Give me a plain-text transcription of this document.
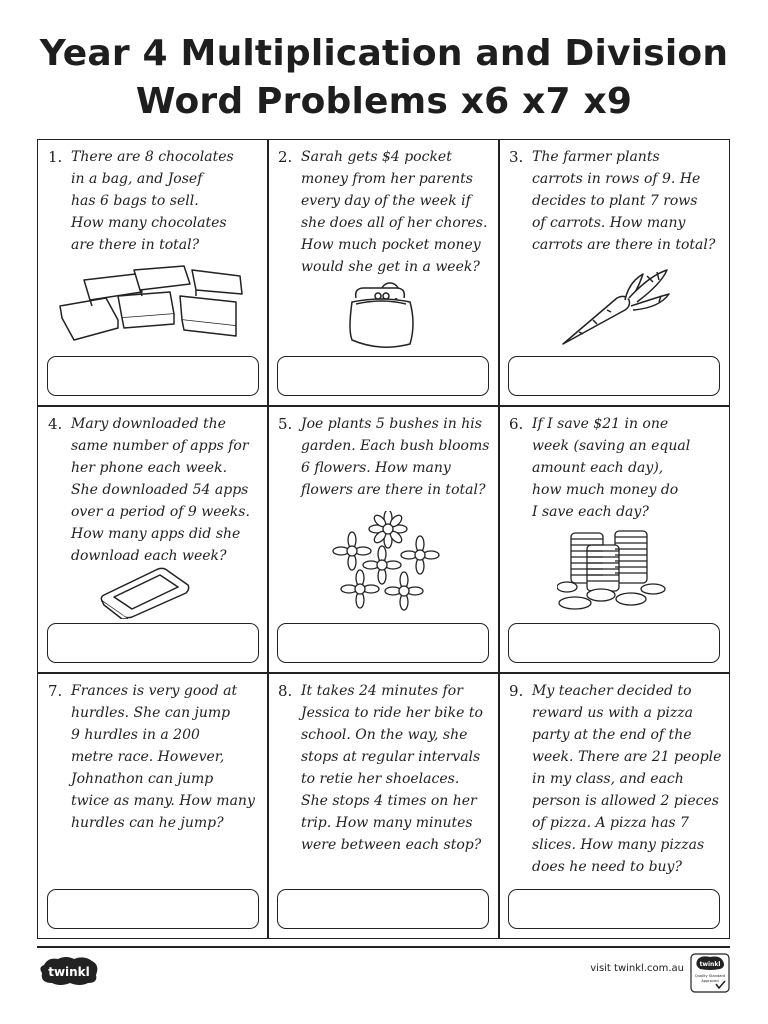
Year 4 Multiplication and Division
Word Problems x6 x7 x9
1. There are 8 chocolates
in a bag, and Josef
has 6 bags to sell.
How many chocolates
are there in total?
2. Sarah gets $4 pocket
money from her parents
every day of the week if
she does all of her chores.
How much pocket money
would she get in a week?
3. The farmer plants
carrots in rows of 9. He
decides to plant 7 rows
of carrots. How many
carrots are there in total?
4. Mary downloaded the
same number of apps for
her phone each week.
She downloaded 54 apps
over a period of 9 weeks.
How many apps did she
download each week?
5. Joe plants 5 bushes in his
garden. Each bush blooms
6 flowers. How many
flowers are there in total?
6. If I save $21 in one
week (saving an equal
amount each day),
how much money do
I save each day?
7. Frances is very good at
hurdles. She can jump
9 hurdles in a 200
metre race. However,
Johnathon can jump
twice as many. How many
hurdles can he jump?
8. It takes 24 minutes for
Jessica to ride her bike to
school. On the way, she
stops at regular intervals
to retie her shoelaces.
She stops 4 times on her
trip. How many minutes
were between each stop?
9. My teacher decided to
reward us with a pizza
party at the end of the
week. There are 21 people
in my class, and each
person is allowed 2 pieces
of pizza. A pizza has 7
slices. How many pizzas
does he need to buy?
twinkl	visit twinkl.com.au	twinkl
Quality Standard
Approved
